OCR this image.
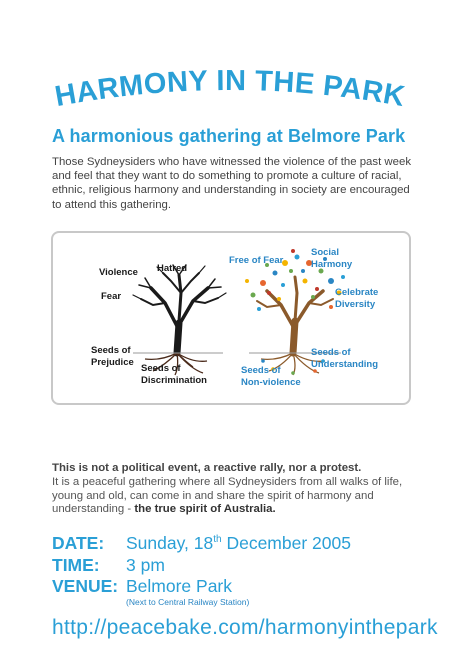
HARMONY IN THE PARK
A harmonious gathering at Belmore Park
Those Sydneysiders who have witnessed the violence of the past week and feel that they want to do something to promote a culture of racial, ethnic, religious harmony and understanding in society are encouraged to attend this gathering.
Violence Hatred
Fear
Seeds of
Prejudice
Seeds of
Discrimination
Free of Fear
Social
Harmony
Celebrate
Diversity
Seeds of
Understanding
Seeds of
Non-violence
This is not a political event, a reactive rally, nor a protest.
It is a peaceful gathering where all Sydneysiders from all walks of life, young and old, can come in and share the spirit of harmony and understanding - the true spirit of Australia.
DATE: Sunday, 18th December 2005
TIME: 3 pm
VENUE: Belmore Park
(Next to Central Railway Station)
http://peacebake.com/harmonyinthepark
